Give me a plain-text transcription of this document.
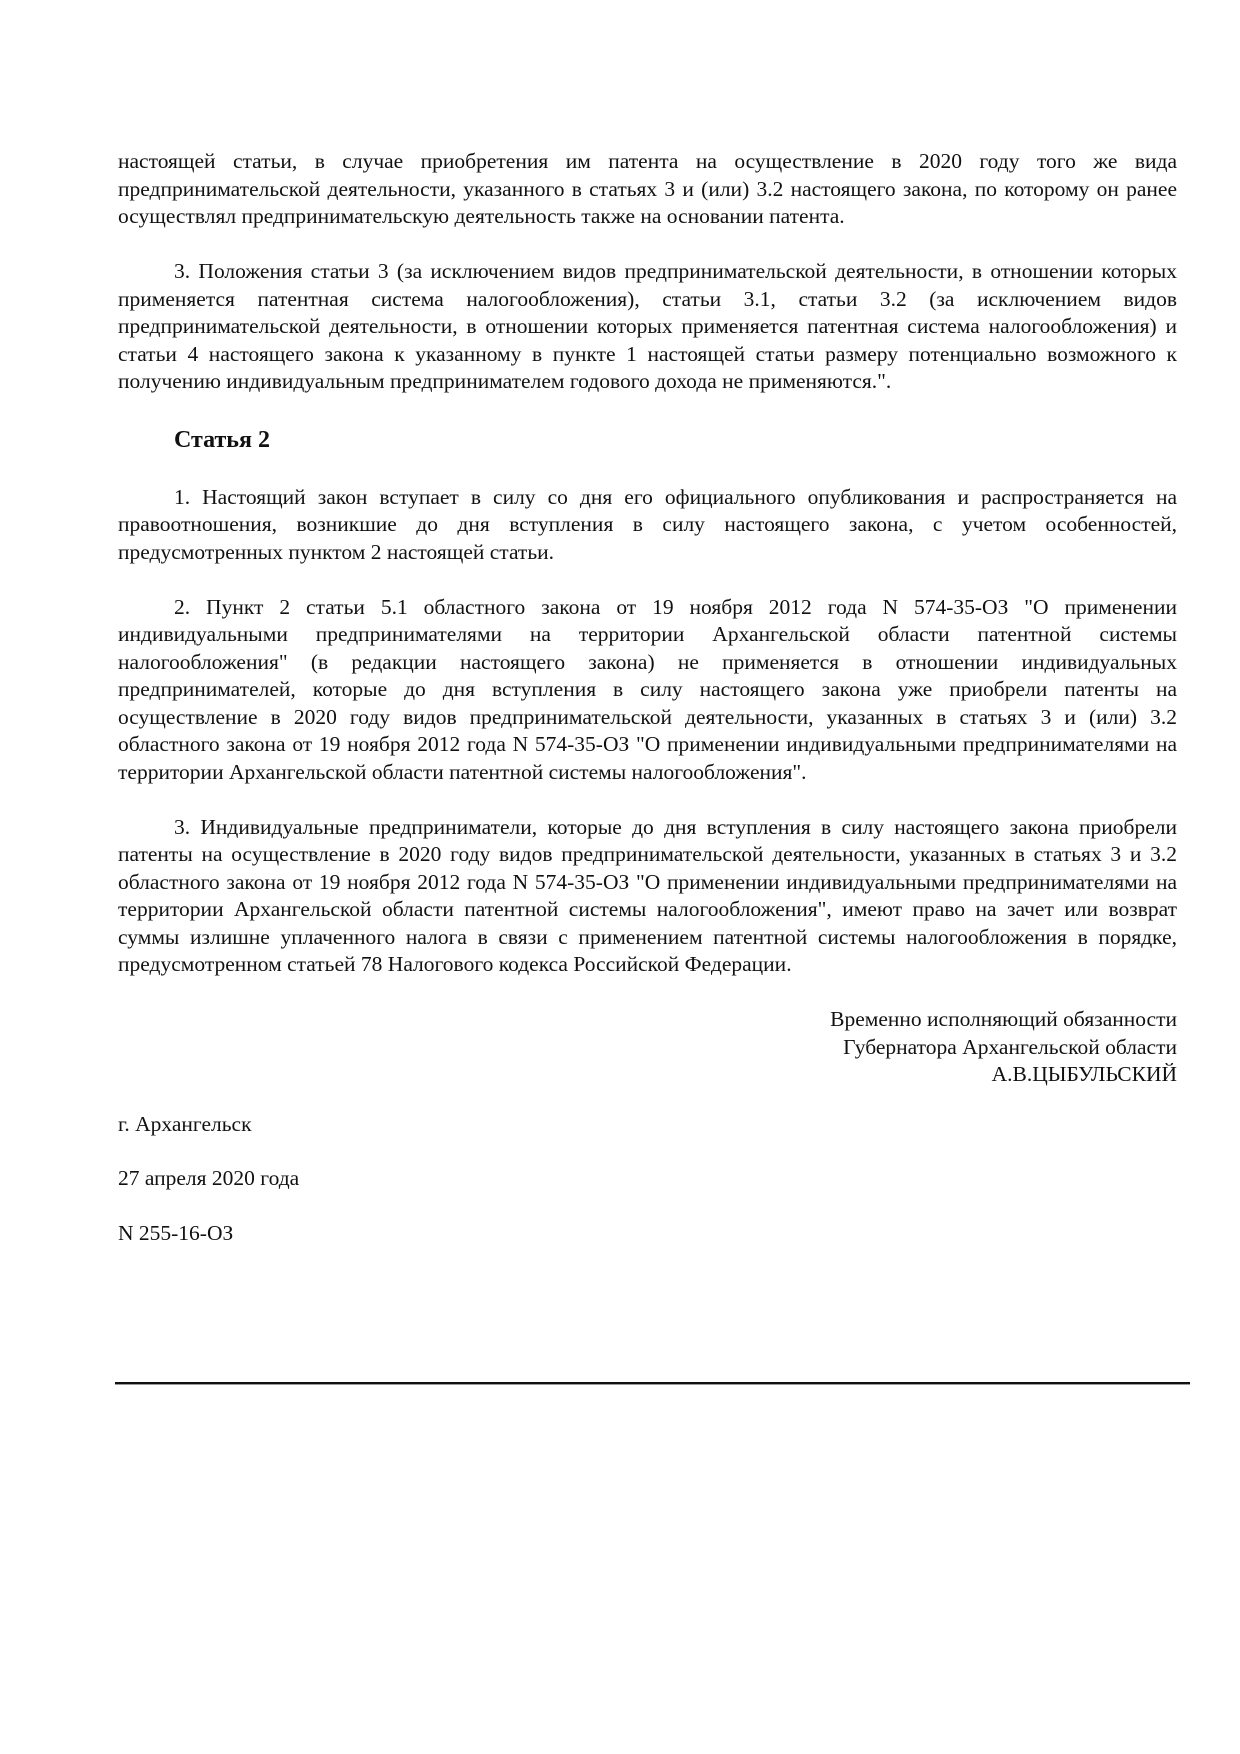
настоящей статьи, в случае приобретения им патента на осуществление в 2020 году того же вида предпринимательской деятельности, указанного в статьях 3 и (или) 3.2 настоящего закона, по которому он ранее осуществлял предпринимательскую деятельность также на основании патента.

3. Положения статьи 3 (за исключением видов предпринимательской деятельности, в отношении которых применяется патентная система налогообложения), статьи 3.1, статьи 3.2 (за исключением видов предпринимательской деятельности, в отношении которых применяется патентная система налогообложения) и статьи 4 настоящего закона к указанному в пункте 1 настоящей статьи размеру потенциально возможного к получению индивидуальным предпринимателем годового дохода не применяются.".

Статья 2

1. Настоящий закон вступает в силу со дня его официального опубликования и распространяется на правоотношения, возникшие до дня вступления в силу настоящего закона, с учетом особенностей, предусмотренных пунктом 2 настоящей статьи.

2. Пункт 2 статьи 5.1 областного закона от 19 ноября 2012 года N 574-35-ОЗ "О применении индивидуальными предпринимателями на территории Архангельской области патентной системы налогообложения" (в редакции настоящего закона) не применяется в отношении индивидуальных предпринимателей, которые до дня вступления в силу настоящего закона уже приобрели патенты на осуществление в 2020 году видов предпринимательской деятельности, указанных в статьях 3 и (или) 3.2 областного закона от 19 ноября 2012 года N 574-35-ОЗ "О применении индивидуальными предпринимателями на территории Архангельской области патентной системы налогообложения".

3. Индивидуальные предприниматели, которые до дня вступления в силу настоящего закона приобрели патенты на осуществление в 2020 году видов предпринимательской деятельности, указанных в статьях 3 и 3.2 областного закона от 19 ноября 2012 года N 574-35-ОЗ "О применении индивидуальными предпринимателями на территории Архангельской области патентной системы налогообложения", имеют право на зачет или возврат суммы излишне уплаченного налога в связи с применением патентной системы налогообложения в порядке, предусмотренном статьей 78 Налогового кодекса Российской Федерации.

Временно исполняющий обязанности
Губернатора Архангельской области
А.В.ЦЫБУЛЬСКИЙ

г. Архангельск

27 апреля 2020 года

N 255-16-ОЗ
